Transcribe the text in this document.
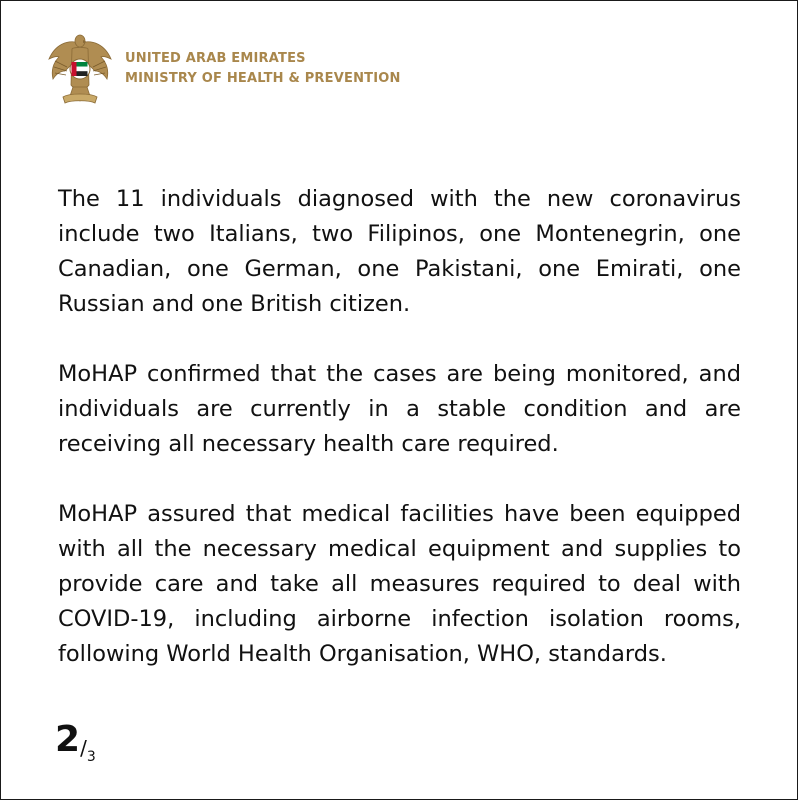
UNITED ARAB EMIRATES
MINISTRY OF HEALTH & PREVENTION

The 11 individuals diagnosed with the new coronavirus include two Italians, two Filipinos, one Montenegrin, one Canadian, one German, one Pakistani, one Emirati, one Russian and one British citizen.

MoHAP confirmed that the cases are being monitored, and individuals are currently in a stable condition and are receiving all necessary health care required.

MoHAP assured that medical facilities have been equipped with all the necessary medical equipment and supplies to provide care and take all measures required to deal with COVID-19, including airborne infection isolation rooms, following World Health Organisation, WHO, standards.

2/3
